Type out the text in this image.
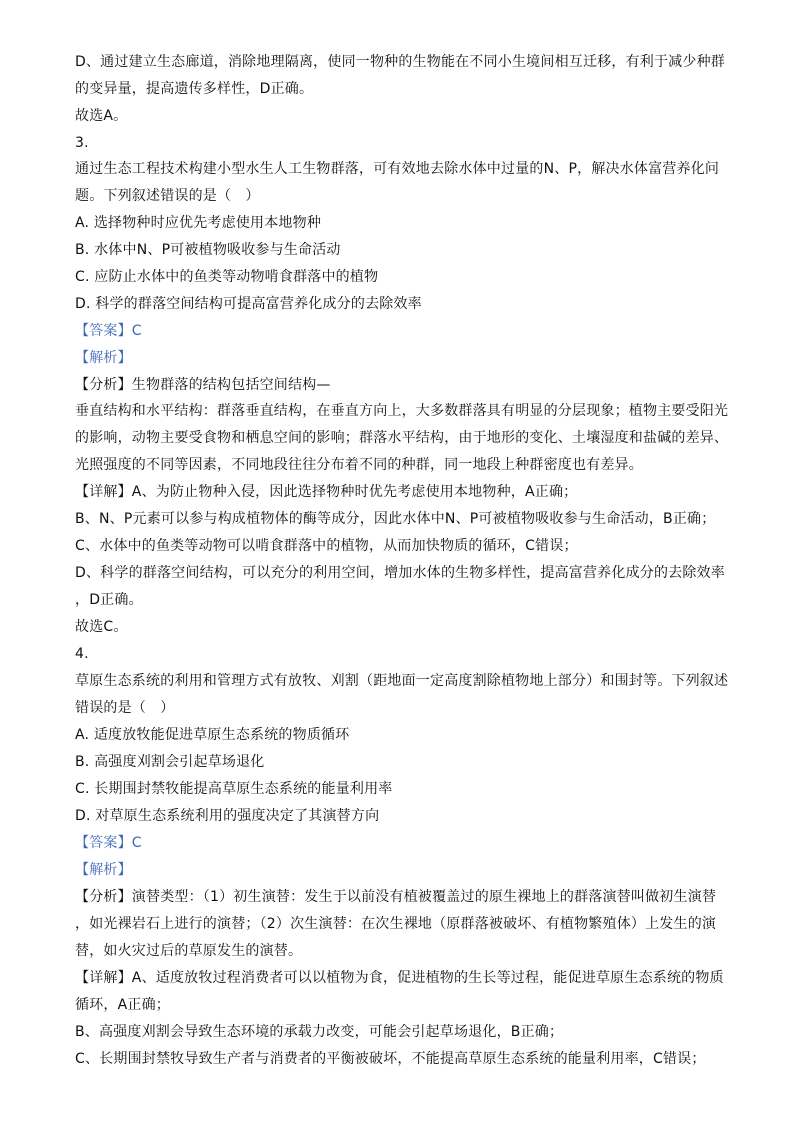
D、通过建立生态廊道，消除地理隔离，使同一物种的生物能在不同小生境间相互迁移，有利于减少种群
的变异量，提高遗传多样性，D正确。
故选A。
3.
通过生态工程技术构建小型水生人工生物群落，可有效地去除水体中过量的N、P，解决水体富营养化问
题。下列叙述错误的是（　）
A. 选择物种时应优先考虑使用本地物种
B. 水体中N、P可被植物吸收参与生命活动
C. 应防止水体中的鱼类等动物啃食群落中的植物
D. 科学的群落空间结构可提高富营养化成分的去除效率
【答案】C
【解析】
【分析】生物群落的结构包括空间结构—
垂直结构和水平结构：群落垂直结构，在垂直方向上，大多数群落具有明显的分层现象；植物主要受阳光
的影响，动物主要受食物和栖息空间的影响；群落水平结构，由于地形的变化、土壤湿度和盐碱的差异、
光照强度的不同等因素，不同地段往往分布着不同的种群，同一地段上种群密度也有差异。
【详解】A、为防止物种入侵，因此选择物种时优先考虑使用本地物种，A正确；
B、N、P元素可以参与构成植物体的酶等成分，因此水体中N、P可被植物吸收参与生命活动，B正确；
C、水体中的鱼类等动物可以啃食群落中的植物，从而加快物质的循环，C错误；
D、科学的群落空间结构，可以充分的利用空间，增加水体的生物多样性，提高富营养化成分的去除效率
，D正确。
故选C。
4.
草原生态系统的利用和管理方式有放牧、刈割（距地面一定高度割除植物地上部分）和围封等。下列叙述
错误的是（　）
A. 适度放牧能促进草原生态系统的物质循环
B. 高强度刈割会引起草场退化
C. 长期围封禁牧能提高草原生态系统的能量利用率
D. 对草原生态系统利用的强度决定了其演替方向
【答案】C
【解析】
【分析】演替类型：（1）初生演替：发生于以前没有植被覆盖过的原生裸地上的群落演替叫做初生演替
，如光裸岩石上进行的演替；（2）次生演替：在次生裸地（原群落被破坏、有植物繁殖体）上发生的演
替，如火灾过后的草原发生的演替。
【详解】A、适度放牧过程消费者可以以植物为食，促进植物的生长等过程，能促进草原生态系统的物质
循环，A正确；
B、高强度刈割会导致生态环境的承载力改变，可能会引起草场退化，B正确；
C、长期围封禁牧导致生产者与消费者的平衡被破坏，不能提高草原生态系统的能量利用率，C错误；
